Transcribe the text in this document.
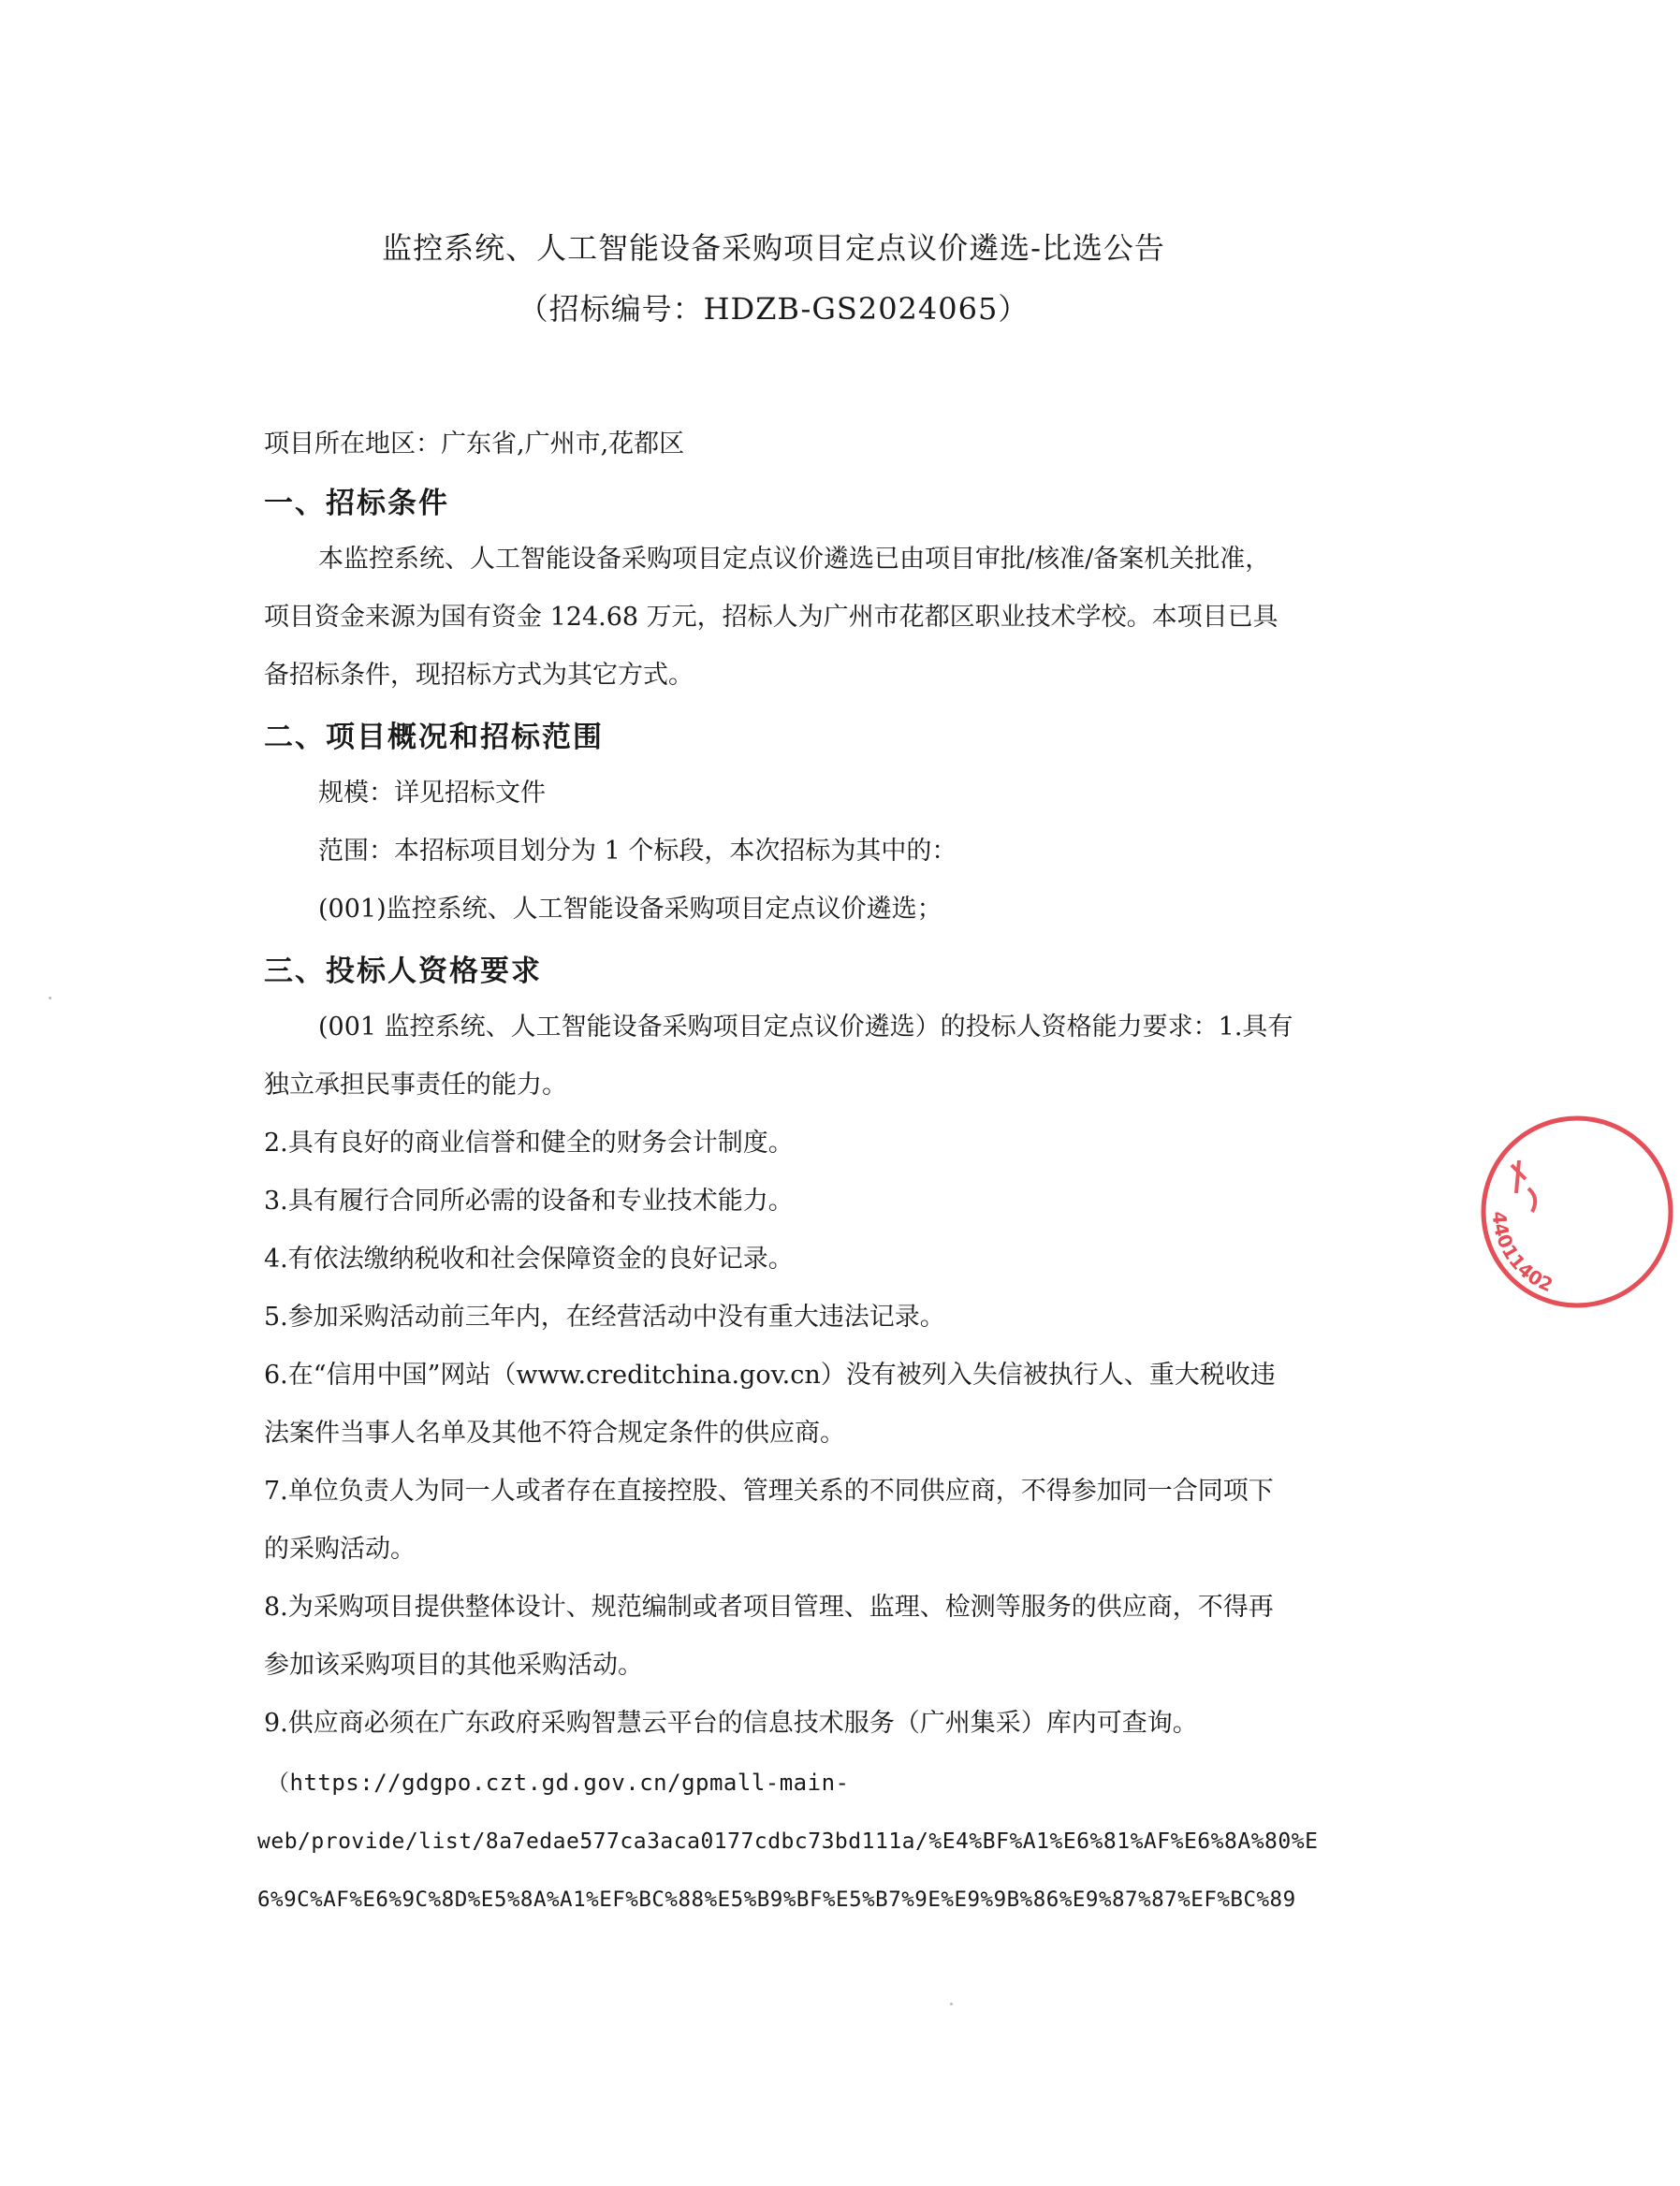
监控系统、人工智能设备采购项目定点议价遴选-比选公告
（招标编号：HDZB-GS2024065）
项目所在地区：广东省,广州市,花都区
一、招标条件
本监控系统、人工智能设备采购项目定点议价遴选已由项目审批/核准/备案机关批准，
项目资金来源为国有资金 124.68 万元，招标人为广州市花都区职业技术学校。本项目已具
备招标条件，现招标方式为其它方式。
二、项目概况和招标范围
规模：详见招标文件
范围：本招标项目划分为 1 个标段，本次招标为其中的：
(001)监控系统、人工智能设备采购项目定点议价遴选；
三、投标人资格要求
(001 监控系统、人工智能设备采购项目定点议价遴选）的投标人资格能力要求：1.具有
独立承担民事责任的能力。
2.具有良好的商业信誉和健全的财务会计制度。
3.具有履行合同所必需的设备和专业技术能力。
4.有依法缴纳税收和社会保障资金的良好记录。
5.参加采购活动前三年内，在经营活动中没有重大违法记录。
6.在“信用中国”网站（www.creditchina.gov.cn）没有被列入失信被执行人、重大税收违
法案件当事人名单及其他不符合规定条件的供应商。
7.单位负责人为同一人或者存在直接控股、管理关系的不同供应商，不得参加同一合同项下
的采购活动。
8.为采购项目提供整体设计、规范编制或者项目管理、监理、检测等服务的供应商，不得再
参加该采购项目的其他采购活动。
9.供应商必须在广东政府采购智慧云平台的信息技术服务（广州集采）库内可查询。
（https://gdgpo.czt.gd.gov.cn/gpmall-main-
web/provide/list/8a7edae577ca3aca0177cdbc73bd111a/%E4%BF%A1%E6%81%AF%E6%8A%80%E
6%9C%AF%E6%9C%8D%E5%8A%A1%EF%BC%88%E5%B9%BF%E5%B7%9E%E9%9B%86%E9%87%87%EF%BC%89
44011402
